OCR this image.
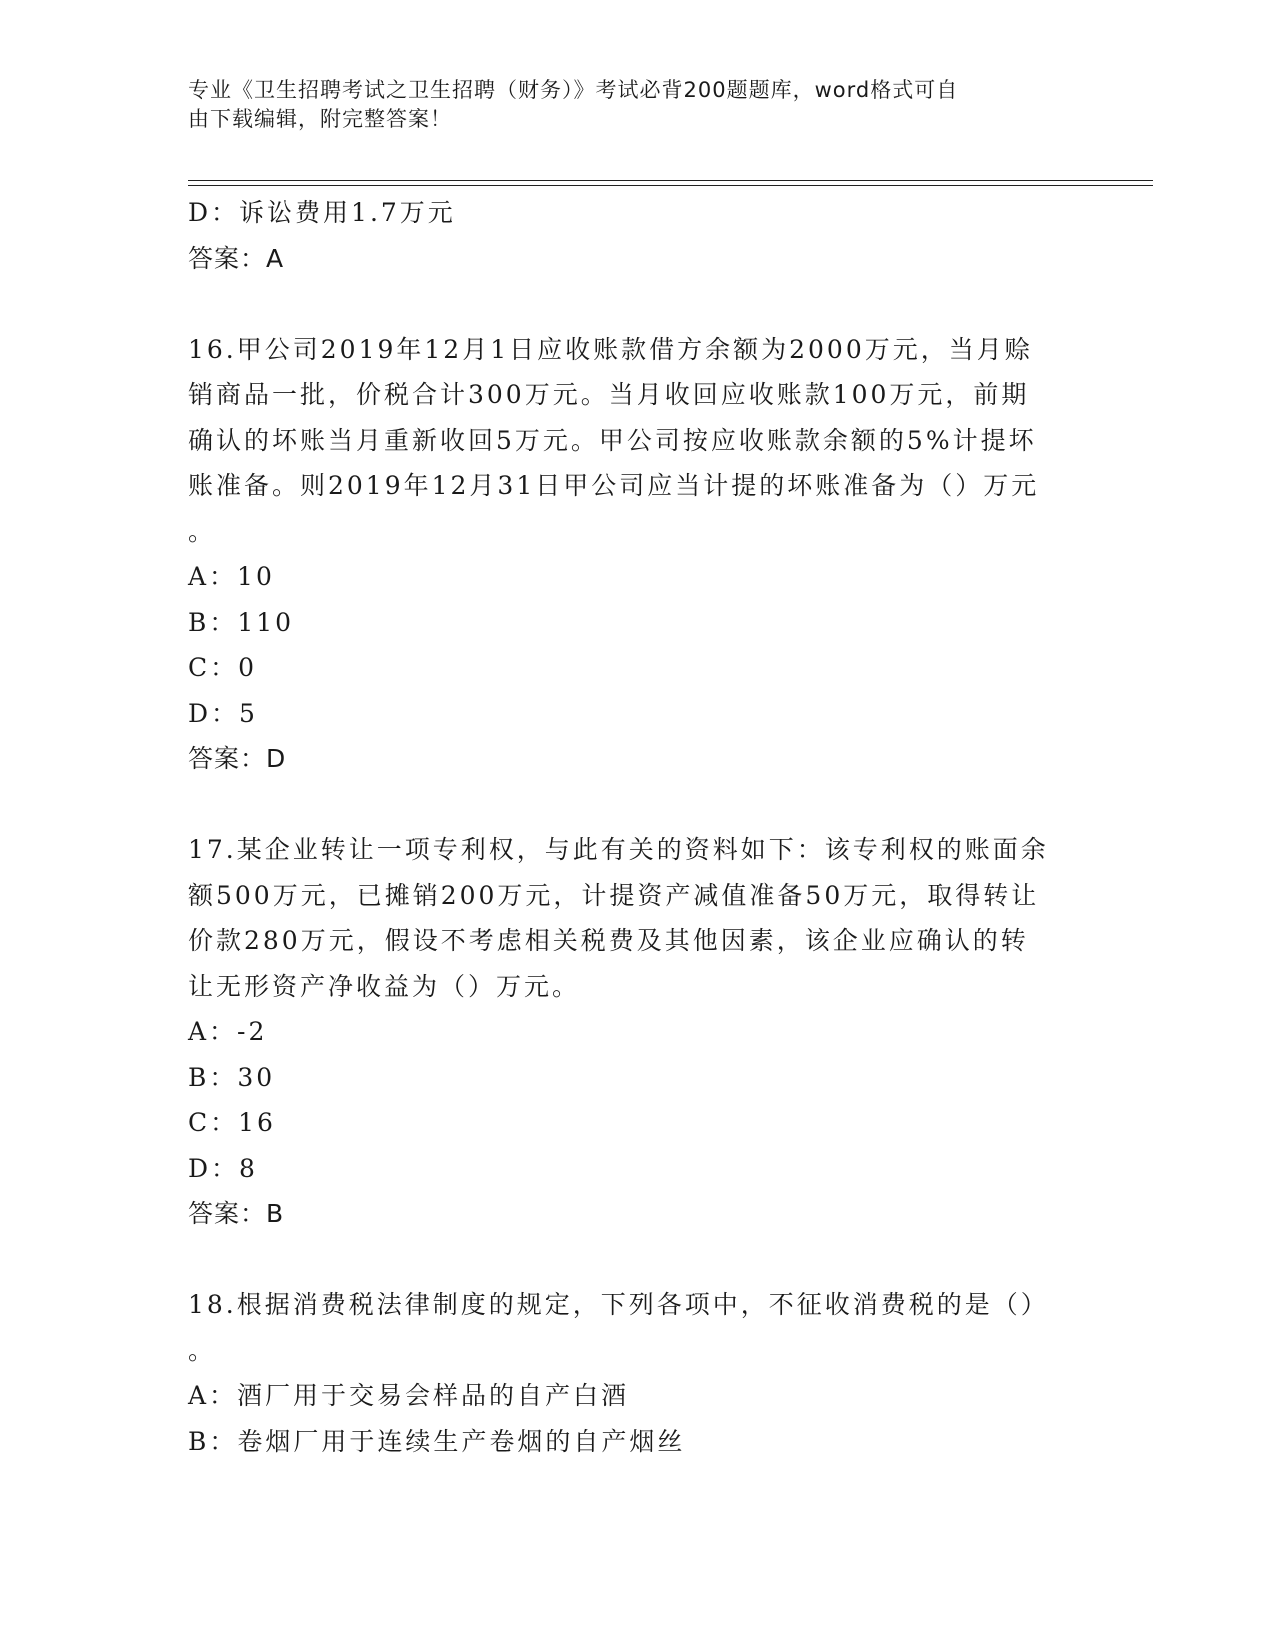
专业《卫生招聘考试之卫生招聘（财务）》考试必背200题题库，word格式可自
由下载编辑，附完整答案！
D：诉讼费用1.7万元
答案：A
16.甲公司2019年12月1日应收账款借方余额为2000万元，当月赊
销商品一批，价税合计300万元。当月收回应收账款100万元，前期
确认的坏账当月重新收回5万元。甲公司按应收账款余额的5%计提坏
账准备。则2019年12月31日甲公司应当计提的坏账准备为（）万元
。
A：10
B：110
C：0
D：5
答案：D
17.某企业转让一项专利权，与此有关的资料如下：该专利权的账面余
额500万元，已摊销200万元，计提资产减值准备50万元，取得转让
价款280万元，假设不考虑相关税费及其他因素，该企业应确认的转
让无形资产净收益为（）万元。
A：-2
B：30
C：16
D：8
答案：B
18.根据消费税法律制度的规定，下列各项中，不征收消费税的是（）
。
A：酒厂用于交易会样品的自产白酒
B：卷烟厂用于连续生产卷烟的自产烟丝
